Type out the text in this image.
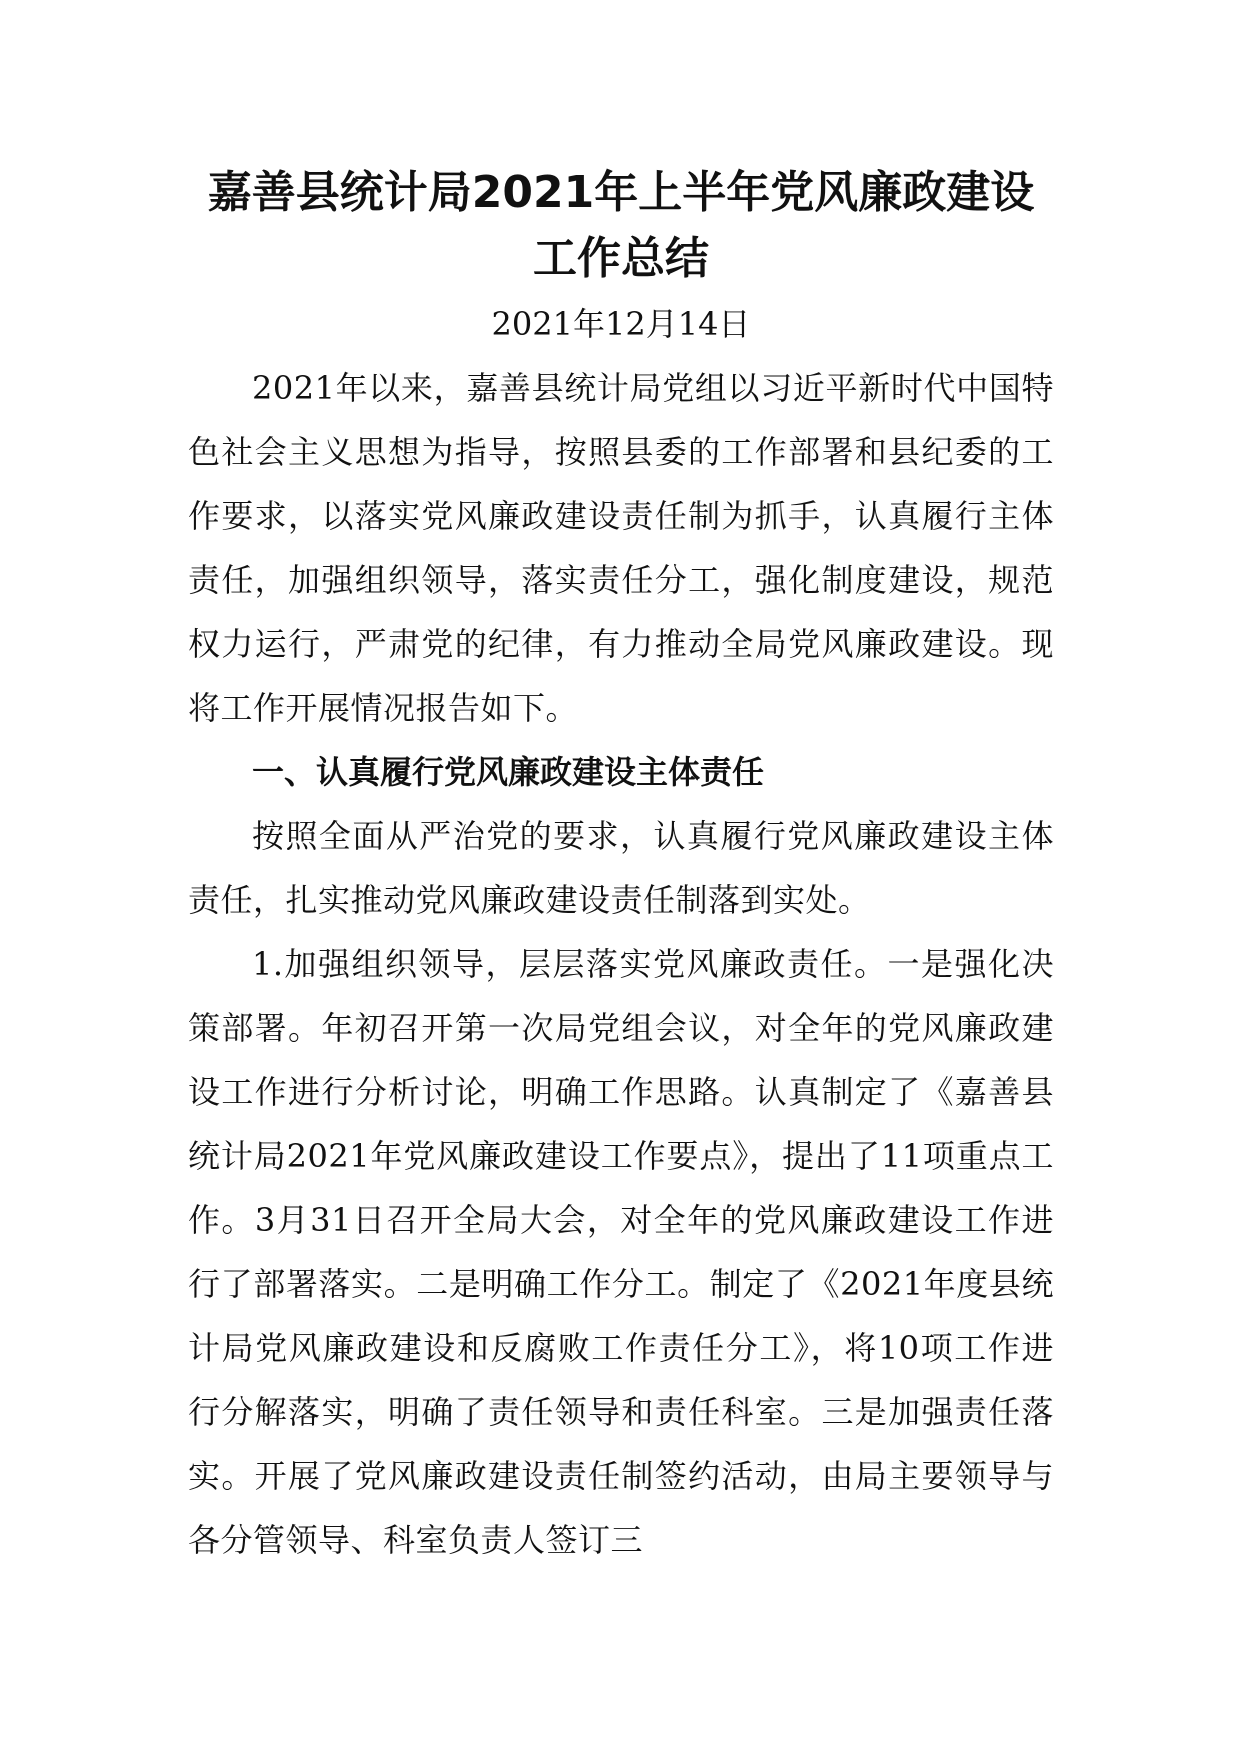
嘉善县统计局2021年上半年党风廉政建设
工作总结

2021年12月14日

2021年以来，嘉善县统计局党组以习近平新时代中国特色社会主义思想为指导，按照县委的工作部署和县纪委的工作要求，以落实党风廉政建设责任制为抓手，认真履行主体责任，加强组织领导，落实责任分工，强化制度建设，规范权力运行，严肃党的纪律，有力推动全局党风廉政建设。现将工作开展情况报告如下。

一、认真履行党风廉政建设主体责任

按照全面从严治党的要求，认真履行党风廉政建设主体责任，扎实推动党风廉政建设责任制落到实处。

1.加强组织领导，层层落实党风廉政责任。一是强化决策部署。年初召开第一次局党组会议，对全年的党风廉政建设工作进行分析讨论，明确工作思路。认真制定了《嘉善县统计局2021年党风廉政建设工作要点》，提出了11项重点工作。3月31日召开全局大会，对全年的党风廉政建设工作进行了部署落实。二是明确工作分工。制定了《2021年度县统计局党风廉政建设和反腐败工作责任分工》，将10项工作进行分解落实，明确了责任领导和责任科室。三是加强责任落实。开展了党风廉政建设责任制签约活动，由局主要领导与各分管领导、科室负责人签订三
